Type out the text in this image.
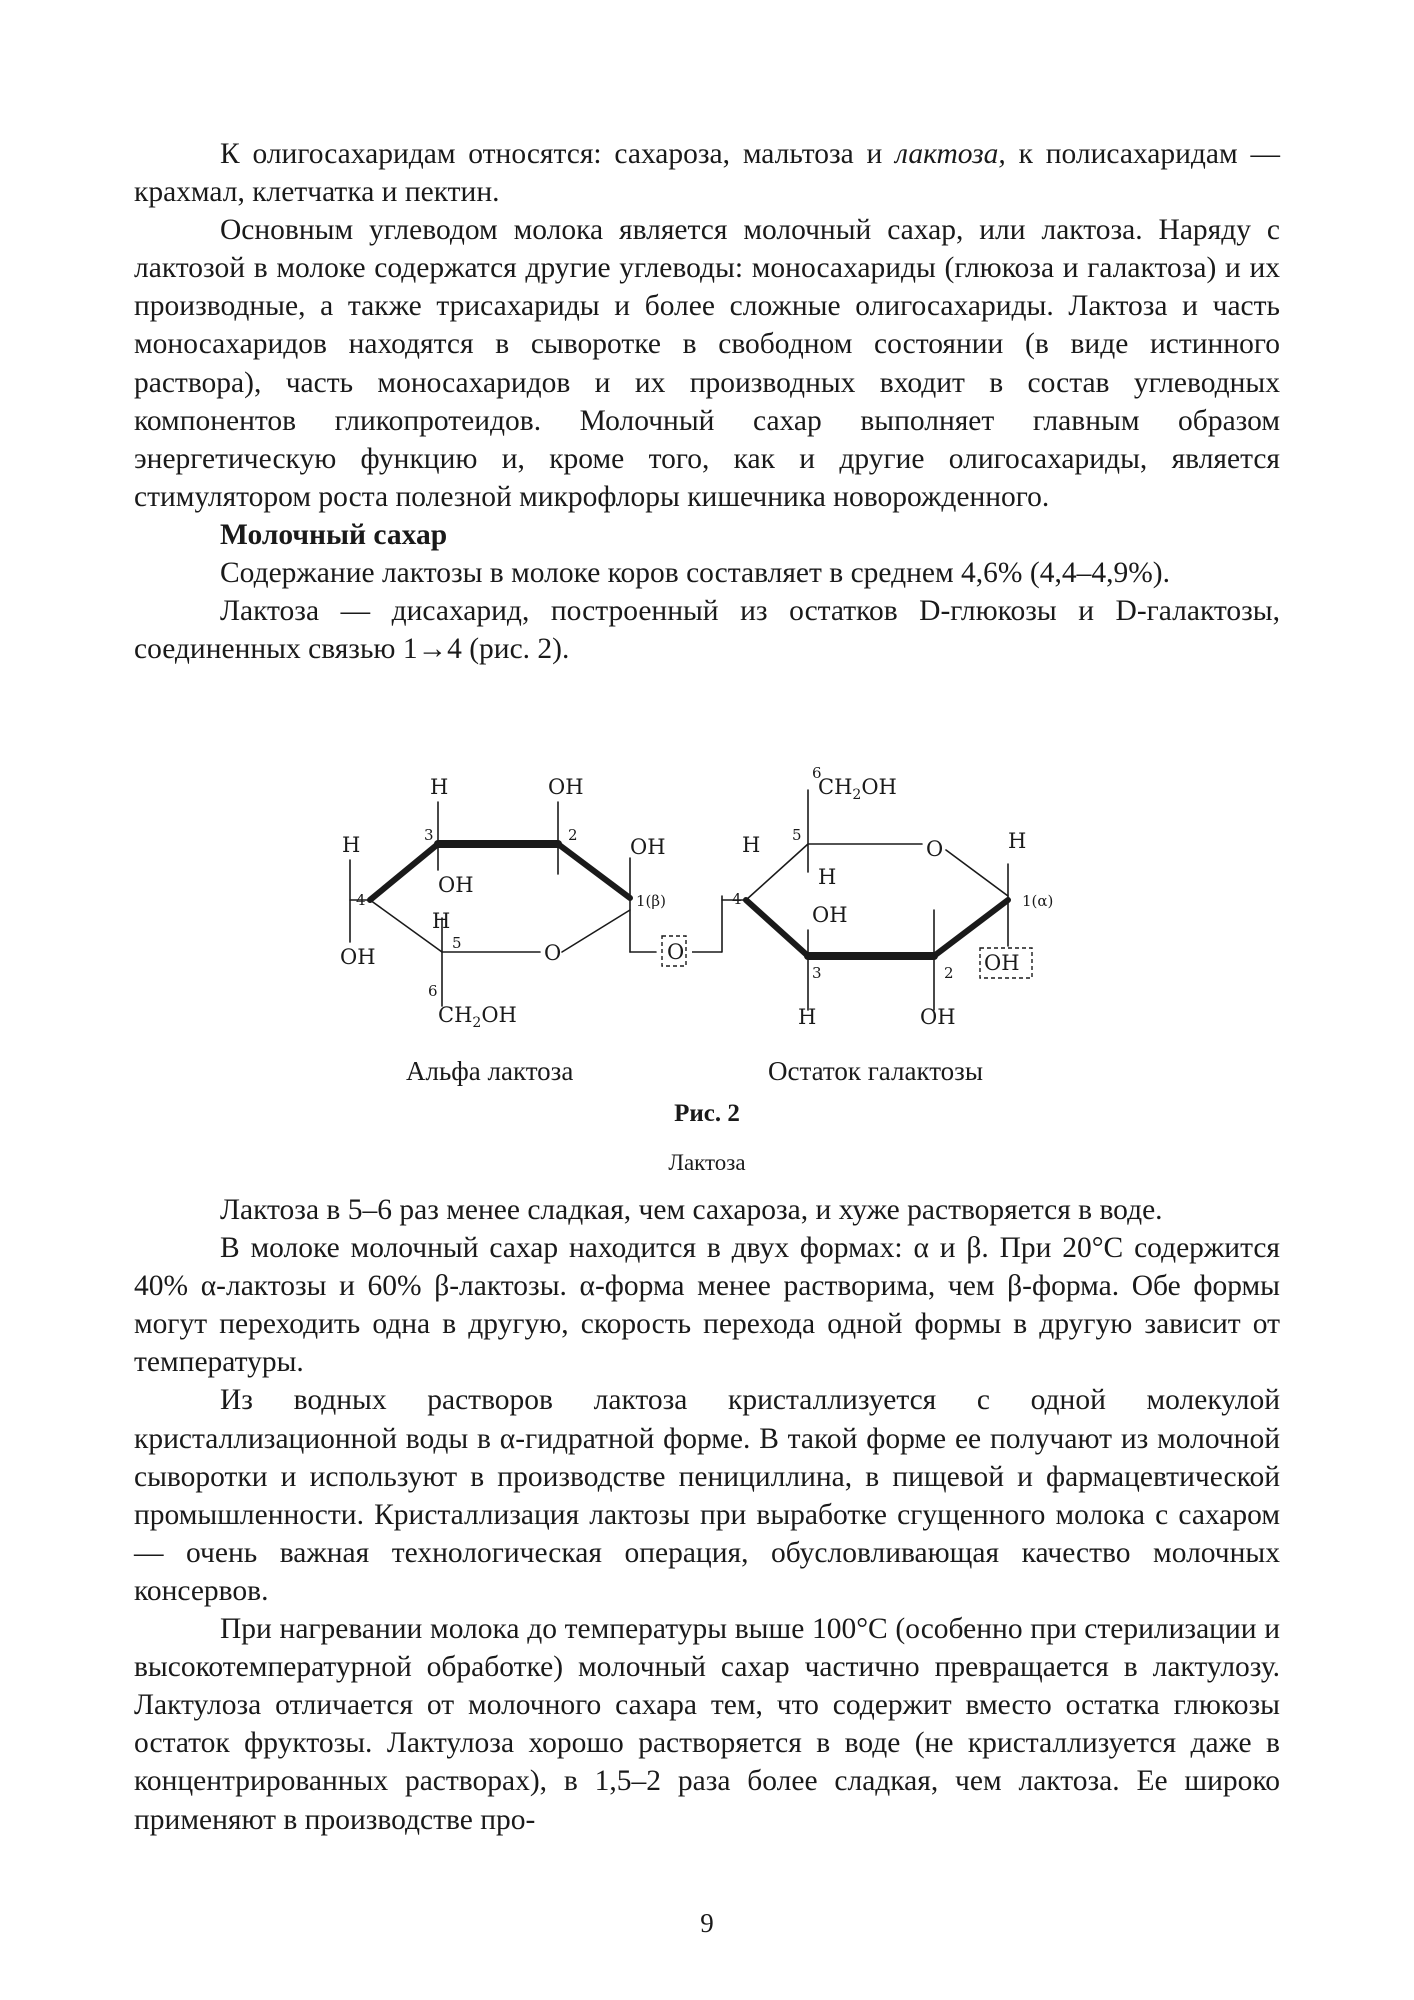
К олигосахаридам относятся: сахароза, мальтоза и лактоза, к полисахаридам — крахмал, клетчатка и пектин.

Основным углеводом молока является молочный сахар, или лактоза. Наряду с лактозой в молоке содержатся другие углеводы: моносахариды (глюкоза и галактоза) и их производные, а также трисахариды и более сложные олигосахариды. Лактоза и часть моносахаридов находятся в сыворотке в свободном состоянии (в виде истинного раствора), часть моносахаридов и их производных входит в состав углеводных компонентов гликопротеидов. Молочный сахар выполняет главным образом энергетическую функцию и, кроме того, как и другие олигосахариды, является стимулятором роста полезной микрофлоры кишечника новорожденного.

Молочный сахар

Содержание лактозы в молоке коров составляет в среднем 4,6% (4,4–4,9%).

Лактоза — дисахарид, построенный из остатков D-глюкозы и D-галактозы, соединенных связью 1→4 (рис. 2).

H	OH
H	3	2 OH
OH
4	1(β)
H
5	O
OH
6
$CH_2OH$
O
6
$CH_2OH$
H
H 5
O
H
4	1(α)
OH
3	2 OH
H	OH
Альфа лактоза	Остаток галактозы
Рис. 2
Лактоза

Лактоза в 5–6 раз менее сладкая, чем сахароза, и хуже растворяется в воде.

В молоке молочный сахар находится в двух формах: α и β. При 20°С содержится 40% α-лактозы и 60% β-лактозы. α-форма менее растворима, чем β-форма. Обе формы могут переходить одна в другую, скорость перехода одной формы в другую зависит от температуры.

Из водных растворов лактоза кристаллизуется с одной молекулой кристаллизационной воды в α-гидратной форме. В такой форме ее получают из молочной сыворотки и используют в производстве пенициллина, в пищевой и фармацевтической промышленности. Кристаллизация лактозы при выработке сгущенного молока с сахаром — очень важная технологическая операция, обусловливающая качество молочных консервов.

При нагревании молока до температуры выше 100°С (особенно при стерилизации и высокотемпературной обработке) молочный сахар частично превращается в лактулозу. Лактулоза отличается от молочного сахара тем, что содержит вместо остатка глюкозы остаток фруктозы. Лактулоза хорошо растворяется в воде (не кристаллизуется даже в концентрированных растворах), в 1,5–2 раза более сладкая, чем лактоза. Ее широко применяют в производстве про-

9
